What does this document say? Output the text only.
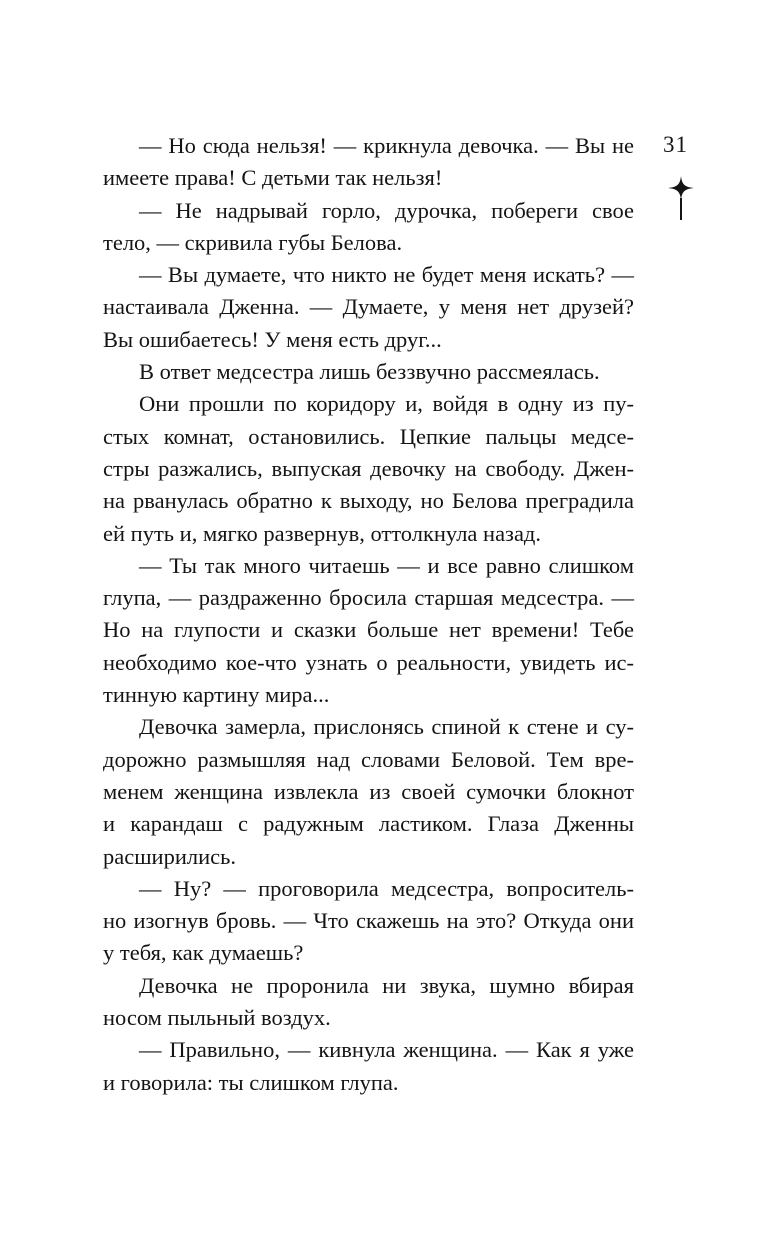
31

— Но сюда нельзя! — крикнула девочка. — Вы не
имеете права! С детьми так нельзя!

— Не надрывай горло, дурочка, побереги свое
тело, — скривила губы Белова.

— Вы думаете, что никто не будет меня искать? —
настаивала Дженна. — Думаете, у меня нет друзей?
Вы ошибаетесь! У меня есть друг...

В ответ медсестра лишь беззвучно рассмеялась.

Они прошли по коридору и, войдя в одну из пу-
стых комнат, остановились. Цепкие пальцы медсе-
стры разжались, выпуская девочку на свободу. Джен-
на рванулась обратно к выходу, но Белова преградила
ей путь и, мягко развернув, оттолкнула назад.

— Ты так много читаешь — и все равно слишком
глупа, — раздраженно бросила старшая медсестра. —
Но на глупости и сказки больше нет времени! Тебе
необходимо кое-что узнать о реальности, увидеть ис-
тинную картину мира...

Девочка замерла, прислонясь спиной к стене и су-
дорожно размышляя над словами Беловой. Тем вре-
менем женщина извлекла из своей сумочки блокнот
и карандаш с радужным ластиком. Глаза Дженны
расширились.

— Ну? — проговорила медсестра, вопроситель-
но изогнув бровь. — Что скажешь на это? Откуда они
у тебя, как думаешь?

Девочка не проронила ни звука, шумно вбирая
носом пыльный воздух.

— Правильно, — кивнула женщина. — Как я уже
и говорила: ты слишком глупа.
